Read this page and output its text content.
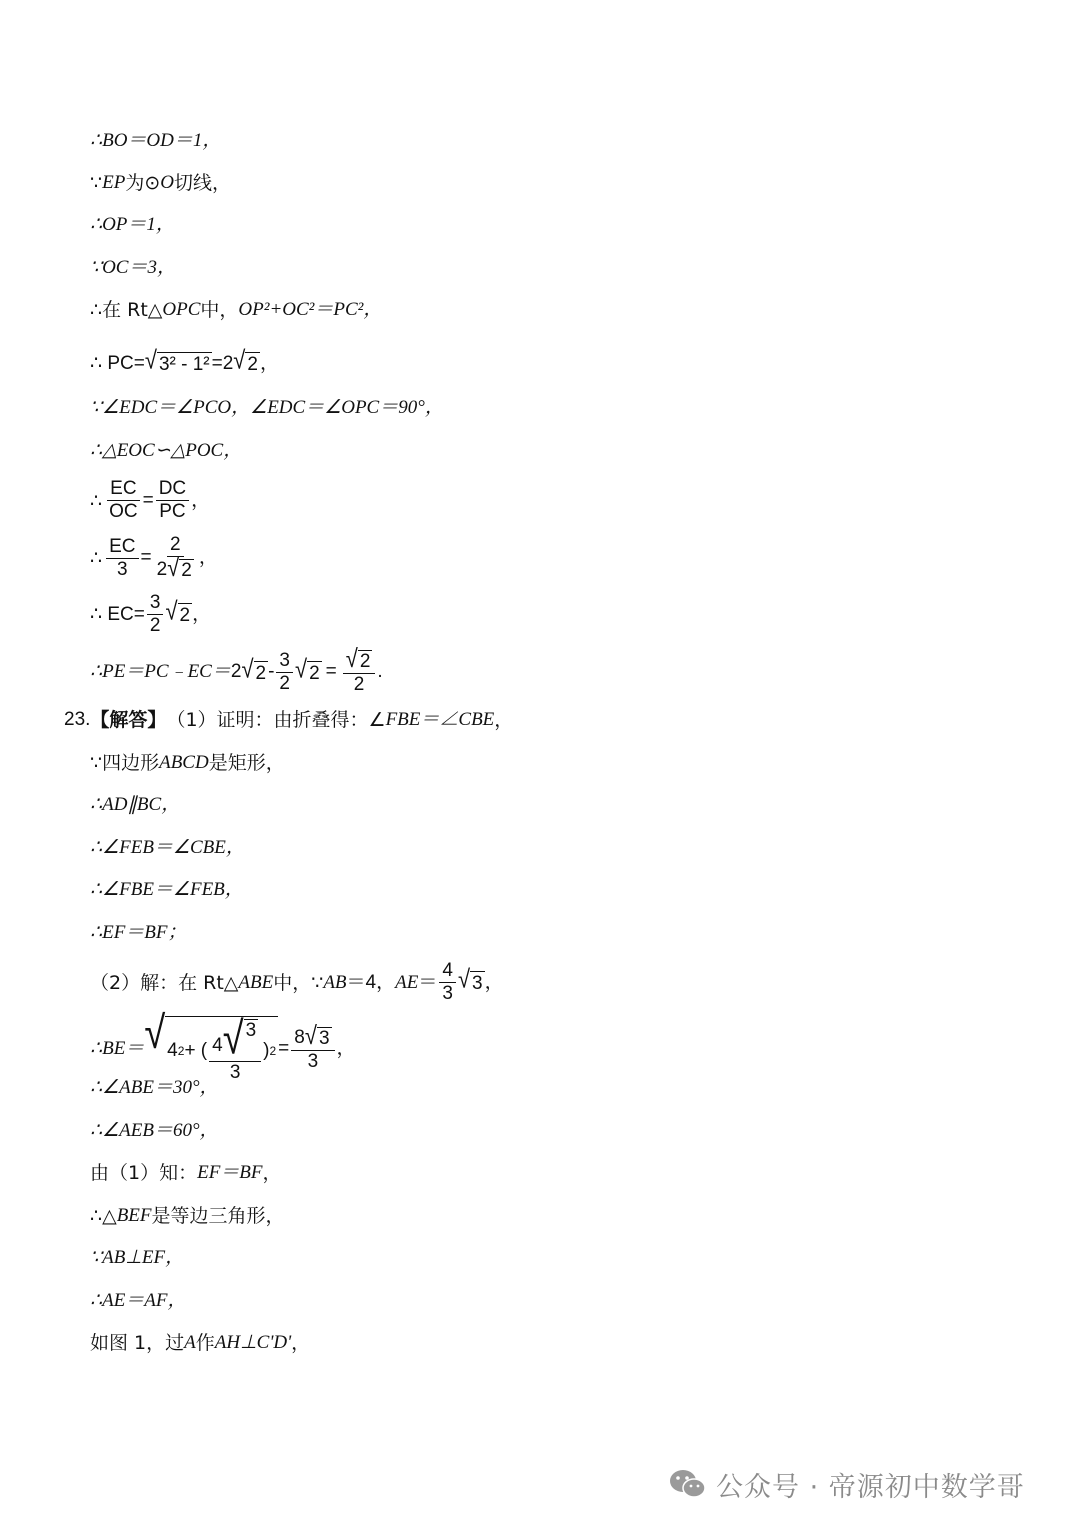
∴BO＝OD＝1，
∵ EP 为⊙ O 切线，
∴OP＝1，
∵OC＝3，
∴在 Rt△ OPC 中， OP²+OC²＝PC²，
∴ PC= √ 3² - 1² =2 √ 2 ，
∵∠EDC＝∠PCO，∠EDC＝∠OPC＝90°，
∴△EOC∽△POC，
∴ $\frac{EC}{OC} = \frac{DC}{PC}$ ，
∴ $\frac{EC}{3} = \frac{2}{2 √ 2}$ ，
∴ $EC= \frac{3}{2}$ √ 2 ，
∴PE＝PC﹣EC＝ 2 √ $2 - \frac{3}{2}$ √ $2 = \frac{√ 2}{2}$ .
23. 【解答】 （1）证明：由折叠得：∠ FBE ＝∠ CBE ，
∵四边形 ABCD 是矩形，
∴AD∥BC，
∴∠FEB＝∠CBE，
∴∠FBE＝∠FEB，
∴EF＝BF；
（2）解：在 Rt△ ABE 中，∵ AB ＝4， AE ＝ $\frac{4}{3}$ √ 3 ，
∴BE＝ √ 4 2 + ( $\frac{4 √ 3}{3}$ ) $2 = \frac{8 √ 3}{3}$ ，
∴∠ABE＝30°，
∴∠AEB＝60°，
由（1）知： EF＝BF ，
∴△ BEF 是等边三角形，
∵AB⊥EF，
∴AE＝AF，
如图 1，过 A 作 AH⊥C'D' ，
公众号 · 帝源初中数学哥
